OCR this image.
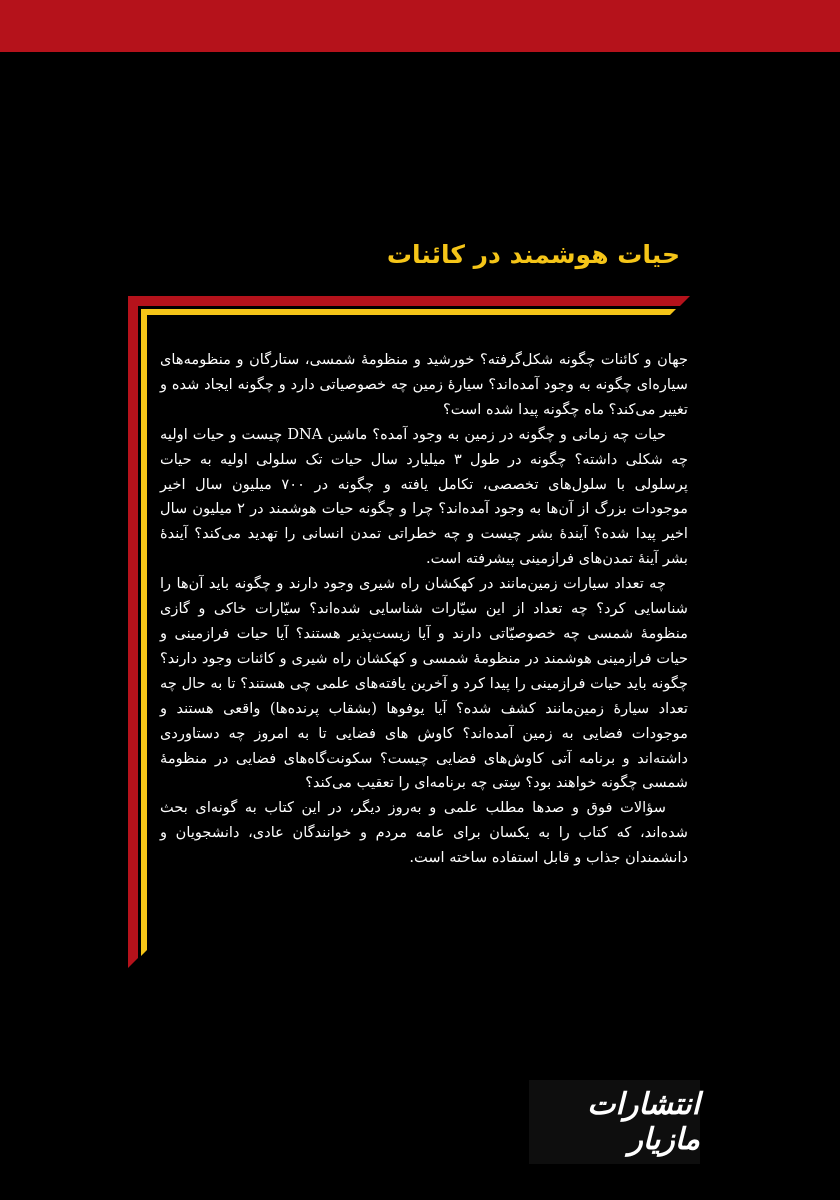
حیات هوشمند در کائنات

جهان و کائنات چگونه شکل‌گرفته؟ خورشید و منظومهٔ شمسی، ستارگان و منظومه‌های سیاره‌ای چگونه به وجود آمده‌اند؟ سیارهٔ زمین چه خصوصیاتی دارد و چگونه ایجاد شده و تغییر می‌کند؟ ماه چگونه پیدا شده است؟

حیات چه زمانی و چگونه در زمین به وجود آمده؟ ماشین DNA چیست و حیات اولیه چه شکلی داشته؟ چگونه در طول ۳ میلیارد سال حیات تک سلولی اولیه به حیات پرسلولی با سلول‌های تخصصی، تکامل یافته و چگونه در ۷۰۰ میلیون سال اخیر موجودات بزرگ از آن‌ها به وجود آمده‌اند؟ چرا و چگونه حیات هوشمند در ۲ میلیون سال اخیر پیدا شده؟ آیندهٔ بشر چیست و چه خطراتی تمدن انسانی را تهدید می‌کند؟ آیندهٔ بشر آینهٔ تمدن‌های فرازمینی پیشرفته است.

چه تعداد سیارات زمین‌مانند در کهکشان راه شیری وجود دارند و چگونه باید آن‌ها را شناسایی کرد؟ چه تعداد از این سیّارات شناسایی شده‌اند؟ سیّارات خاکی و گازی منظومهٔ شمسی چه خصوصیّاتی دارند و آیا زیست‌پذیر هستند؟ آیا حیات فرازمینی و حیات فرازمینی هوشمند در منظومهٔ شمسی و کهکشان راه شیری و کائنات وجود دارند؟ چگونه باید حیات فرازمینی را پیدا کرد و آخرین یافته‌های علمی چی هستند؟ تا به حال چه تعداد سیارهٔ زمین‌مانند کشف شده؟ آیا یوفوها (بشقاب پرنده‌ها) واقعی هستند و موجودات فضایی به زمین آمده‌اند؟ کاوش های فضایی تا به امروز چه دستاوردی داشته‌اند و برنامه آتی کاوش‌های فضایی چیست؟ سکونت‌گاه‌های فضایی در منظومهٔ شمسی چگونه خواهند بود؟ سِتی چه برنامه‌ای را تعقیب می‌کند؟

سؤالات فوق و صدها مطلب علمی و به‌روز دیگر، در این کتاب به گونه‌ای بحث شده‌اند، که کتاب را به یکسان برای عامه مردم و خوانندگان عادی، دانشجویان و دانشمندان جذاب و قابل استفاده ساخته است.

انتشارات مازیار
